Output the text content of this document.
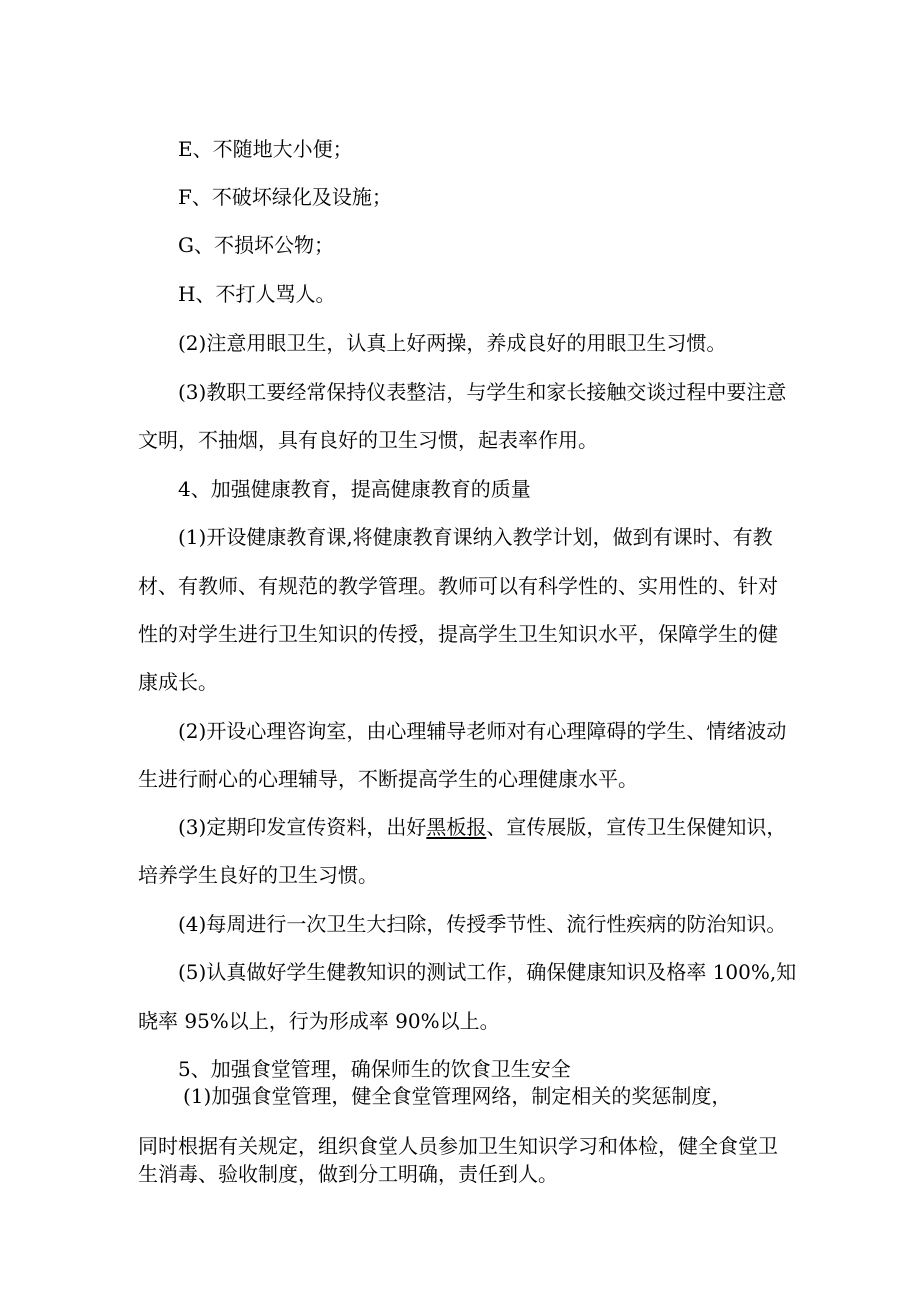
E、不随地大小便；
F、不破坏绿化及设施；
G、不损坏公物；
H、不打人骂人。
(2)注意用眼卫生，认真上好两操，养成良好的用眼卫生习惯。
(3)教职工要经常保持仪表整洁，与学生和家长接触交谈过程中要注意
文明，不抽烟，具有良好的卫生习惯，起表率作用。
4、加强健康教育，提高健康教育的质量
(1)开设健康教育课,将健康教育课纳入教学计划，做到有课时、有教
材、有教师、有规范的教学管理。教师可以有科学性的、实用性的、针对
性的对学生进行卫生知识的传授，提高学生卫生知识水平，保障学生的健
康成长。
(2)开设心理咨询室，由心理辅导老师对有心理障碍的学生、情绪波动
生进行耐心的心理辅导，不断提高学生的心理健康水平。
(3)定期印发宣传资料，出好黑板报、宣传展版，宣传卫生保健知识，
培养学生良好的卫生习惯。
(4)每周进行一次卫生大扫除，传授季节性、流行性疾病的防治知识。
(5)认真做好学生健教知识的测试工作，确保健康知识及格率 100%,知
晓率 95%以上，行为形成率 90%以上。
5、加强食堂管理，确保师生的饮食卫生安全
(1)加强食堂管理，健全食堂管理网络，制定相关的奖惩制度，
同时根据有关规定，组织食堂人员参加卫生知识学习和体检，健全食堂卫
生消毒、验收制度，做到分工明确，责任到人。
